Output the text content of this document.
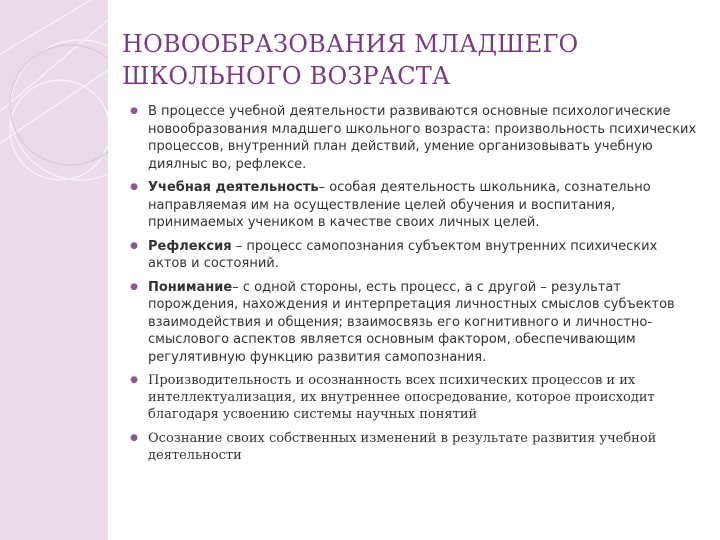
НОВООБРАЗОВАНИЯ МЛАДШЕГО ШКОЛЬНОГО ВОЗРАСТА
● В процессе учебной деятельности развиваются основные психологические новообразования младшего школьного возраста: произвольность психических процессов, внутренний план действий, умение организовывать учебную диялныс во, рефлексе.
● Учебная деятельность– особая деятельность школьника, сознательно направляемая им на осуществление целей обучения и воспитания, принимаемых учеником в качестве своих личных целей.
● Рефлексия – процесс самопознания субъектом внутренних психических актов и состояний.
● Понимание– с одной стороны, есть процесс, а с другой – результат порождения, нахождения и интерпретация личностных смыслов субъектов взаимодействия и общения; взаимосвязь его когнитивного и личностно-смыслового аспектов является основным фактором, обеспечивающим регулятивную функцию развития самопознания.
● Производительность и осознанность всех психических процессов и их интеллектуализация, их внутреннее опосредование, которое происходит благодаря усвоению системы научных понятий
● Осознание своих собственных изменений в результате развития учебной деятельности
